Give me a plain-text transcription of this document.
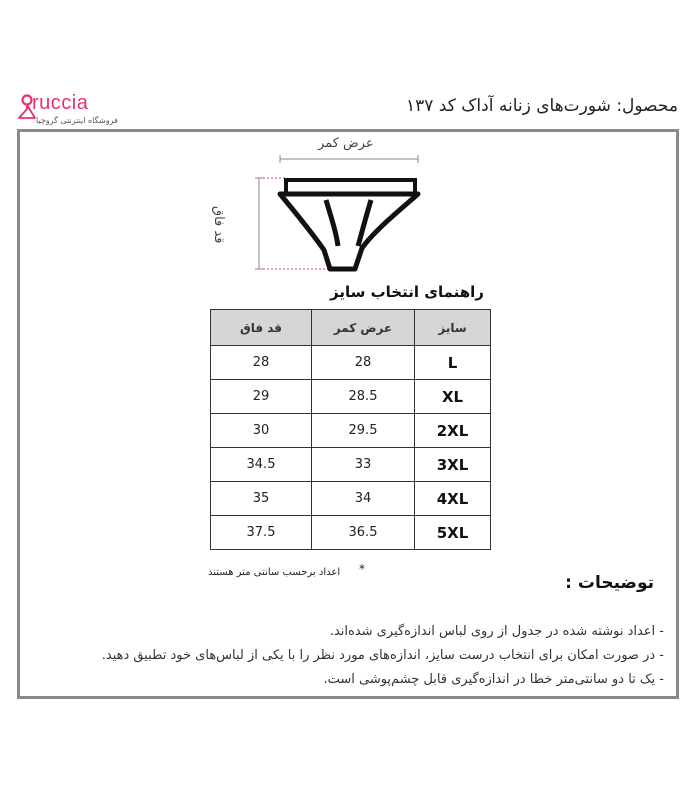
ruccia
فروشگاه اینترنتی گروچیا
محصول: شورت‌های زنانه آداک کد ۱۳۷
عرض کمر
قد فاق
راهنمای انتخاب سایز
سایز	عرض کمر	قد فاق
L	28	28
XL	28.5	29
2XL	29.5	30
3XL	33	34.5
4XL	34	35
5XL	36.5	37.5
*
اعداد برحسب سانتی متر هستند
توضیحات :
- اعداد نوشته شده در جدول از روی لباس اندازه‌گیری شده‌اند.
- در صورت امکان برای انتخاب درست سایز، اندازه‌های مورد نظر را با یکی از لباس‌های خود تطبیق دهید.
- یک تا دو سانتی‌متر خطا در اندازه‌گیری قابل چشم‌پوشی است.
